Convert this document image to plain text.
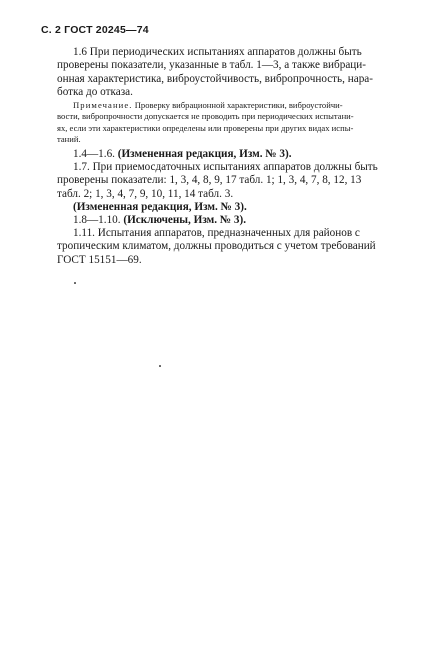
С. 2 ГОСТ 20245—74
1.6 При периодических испытаниях аппаратов должны быть
проверены показатели, указанные в табл. 1—3, а также вибраци-
онная характеристика, виброустойчивость, вибропрочность, нара-
ботка до отказа.
Примечание. Проверку вибрационной характеристики, виброустойчи-
вости, вибропрочности допускается не проводить при периодических испытани-
ях, если эти характеристики определены или проверены при других видах испы-
таний.
1.4—1.6. (Измененная редакция, Изм. № 3).
1.7. При приемосдаточных испытаниях аппаратов должны быть
проверены показатели: 1, 3, 4, 8, 9, 17 табл. 1; 1, 3, 4, 7, 8, 12, 13
табл. 2; 1, 3, 4, 7, 9, 10, 11, 14 табл. 3.
(Измененная редакция, Изм. № 3).
1.8—1.10. (Исключены, Изм. № 3).
1.11. Испытания аппаратов, предназначенных для районов с
тропическим климатом, должны проводиться с учетом требований
ГОСТ 15151—69.
